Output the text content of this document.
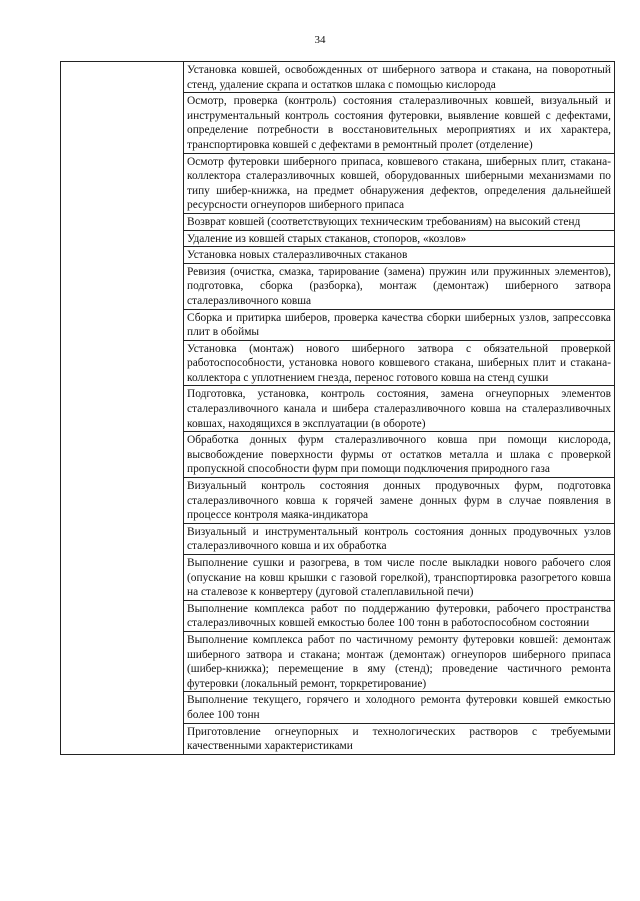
34
	Установка ковшей, освобожденных от шиберного затвора и стакана, на поворотный стенд, удаление скрапа и остатков шлака с помощью кислорода
Осмотр, проверка (контроль) состояния сталеразливочных ковшей, визуальный и инструментальный контроль состояния футеровки, выявление ковшей с дефектами, определение потребности в восстановительных мероприятиях и их характера, транспортировка ковшей с дефектами в ремонтный пролет (отделение)
Осмотр футеровки шиберного припаса, ковшевого стакана, шиберных плит, стакана-коллектора сталеразливочных ковшей, оборудованных шиберными механизмами по типу шибер-книжка, на предмет обнаружения дефектов, определения дальнейшей ресурсности огнеупоров шиберного припаса
Возврат ковшей (соответствующих техническим требованиям) на высокий стенд
Удаление из ковшей старых стаканов, стопоров, «козлов»
Установка новых сталеразливочных стаканов
Ревизия (очистка, смазка, тарирование (замена) пружин или пружинных элементов), подготовка, сборка (разборка), монтаж (демонтаж) шиберного затвора сталеразливочного ковша
Сборка и притирка шиберов, проверка качества сборки шиберных узлов, запрессовка плит в обоймы
Установка (монтаж) нового шиберного затвора с обязательной проверкой работоспособности, установка нового ковшевого стакана, шиберных плит и стакана-коллектора с уплотнением гнезда, перенос готового ковша на стенд сушки
Подготовка, установка, контроль состояния, замена огнеупорных элементов сталеразливочного канала и шибера сталеразливочного ковша на сталеразливочных ковшах, находящихся в эксплуатации (в обороте)
Обработка донных фурм сталеразливочного ковша при помощи кислорода, высвобождение поверхности фурмы от остатков металла и шлака с проверкой пропускной способности фурм при помощи подключения природного газа
Визуальный контроль состояния донных продувочных фурм, подготовка сталеразливочного ковша к горячей замене донных фурм в случае появления в процессе контроля маяка-индикатора
Визуальный и инструментальный контроль состояния донных продувочных узлов сталеразливочного ковша и их обработка
Выполнение сушки и разогрева, в том числе после выкладки нового рабочего слоя (опускание на ковш крышки с газовой горелкой), транспортировка разогретого ковша на сталевозе к конвертеру (дуговой сталеплавильной печи)
Выполнение комплекса работ по поддержанию футеровки, рабочего пространства сталеразливочных ковшей емкостью более 100 тонн в работоспособном состоянии
Выполнение комплекса работ по частичному ремонту футеровки ковшей: демонтаж шиберного затвора и стакана; монтаж (демонтаж) огнеупоров шиберного припаса (шибер-книжка); перемещение в яму (стенд); проведение частичного ремонта футеровки (локальный ремонт, торкретирование)
Выполнение текущего, горячего и холодного ремонта футеровки ковшей емкостью более 100 тонн
Приготовление огнеупорных и технологических растворов с требуемыми качественными характеристиками
